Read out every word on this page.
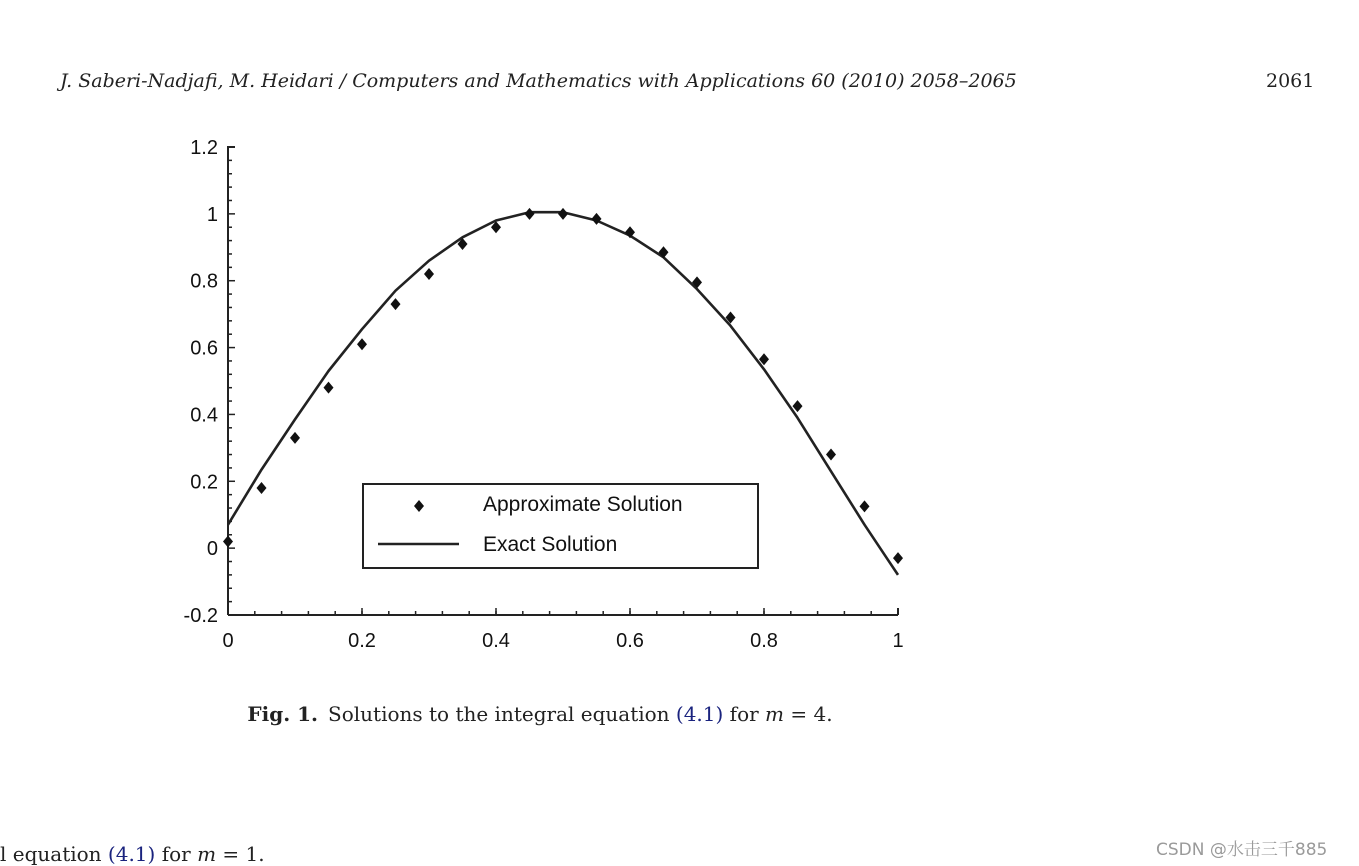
J. Saberi-Nadjafi, M. Heidari / Computers and Mathematics with Applications 60 (2010) 2058–2065	2061
-0.2
0
0.2
0.4
0.6
0.8
1
1.2
0	0.2	0.4	0.6	0.8	1
Approximate Solution
Exact Solution
Fig. 1. Solutions to the integral equation (4.1) for m = 4.
l equation (4.1) for m = 1.	CSDN @水击三千885
